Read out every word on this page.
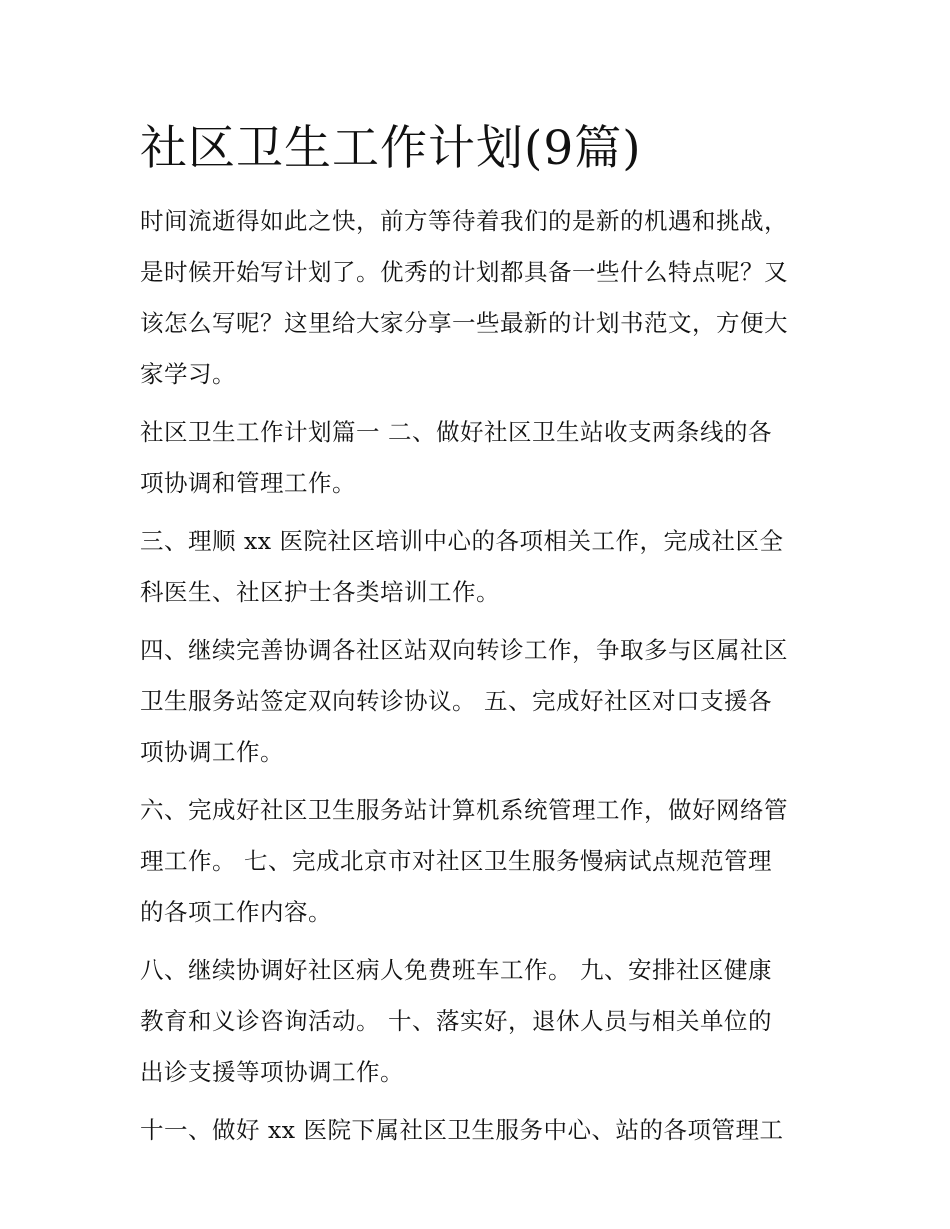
社区卫生工作计划(9篇)

时间流逝得如此之快，前方等待着我们的是新的机遇和挑战，
是时候开始写计划了。优秀的计划都具备一些什么特点呢？又
该怎么写呢？这里给大家分享一些最新的计划书范文，方便大
家学习。

社区卫生工作计划篇一 二、做好社区卫生站收支两条线的各
项协调和管理工作。

三、理顺 xx 医院社区培训中心的各项相关工作，完成社区全
科医生、社区护士各类培训工作。

四、继续完善协调各社区站双向转诊工作，争取多与区属社区
卫生服务站签定双向转诊协议。 五、完成好社区对口支援各
项协调工作。

六、完成好社区卫生服务站计算机系统管理工作，做好网络管
理工作。 七、完成北京市对社区卫生服务慢病试点规范管理
的各项工作内容。

八、继续协调好社区病人免费班车工作。 九、安排社区健康
教育和义诊咨询活动。 十、落实好，退休人员与相关单位的
出诊支援等项协调工作。

十一、做好 xx 医院下属社区卫生服务中心、站的各项管理工
